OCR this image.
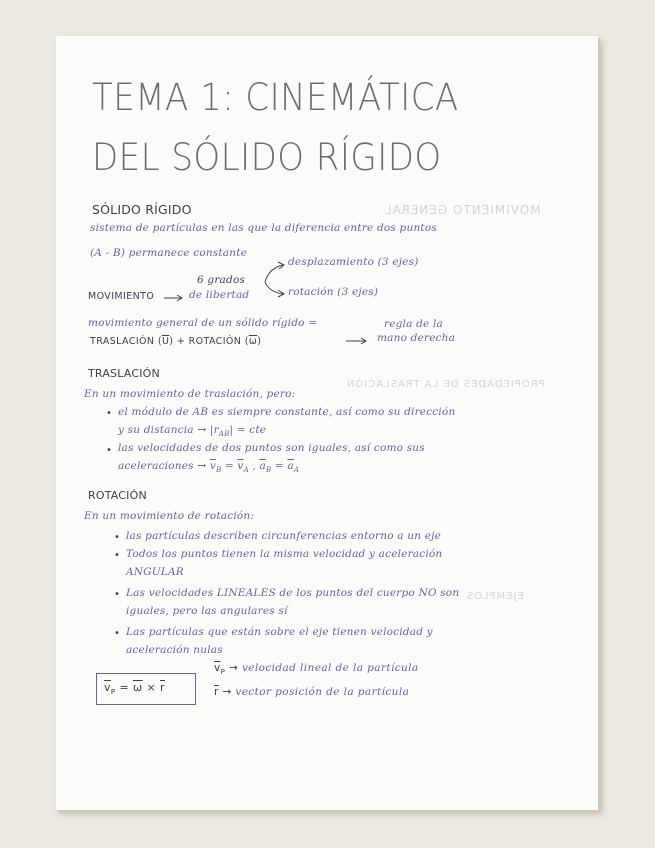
MOVIMIENTO GENERAL
PROPIEDADES DE LA TRASLACIÓN
EJEMPLOS
TEMA 1: CINEMÁTICA
DEL SÓLIDO RÍGIDO
SÓLIDO RÍGIDO
sistema de partículas en las que la diferencia entre dos puntos
(A - B) permanece constante
MOVIMIENTO
6 grados
de libertad
desplazamiento (3 ejes)
rotación (3 ejes)
movimiento general de un sólido rígido =	regla de la
TRASLACIÓN $(\overline{U})$ + ROTACIÓN $(\overline{\omega})$	mano derecha
TRASLACIÓN
En un movimiento de traslación, pero:
• el módulo de AB es siempre constante, así como su dirección
y su distancia → $|r_{AB}|$ = cte
• las velocidades de dos puntos son iguales, así como sus
aceleraciones → $\overline{v}_B = \overline{v}_A$ , $\overline{a}_B = \overline{a}_A$
ROTACIÓN
En un movimiento de rotación:
• las partículas describen circunferencias entorno a un eje
• Todos los puntos tienen la misma velocidad y aceleración
ANGULAR
• Las velocidades LINEALES de los puntos del cuerpo NO son
iguales, pero las angulares sí
• Las partículas que están sobre el eje tienen velocidad y
aceleración nulas
$\overline{v}_P = \overline{\omega} \times \overline{r}$
$\overline{v}_P$ → velocidad lineal de la partícula
$\overline{r}$ → vector posición de la partícula
